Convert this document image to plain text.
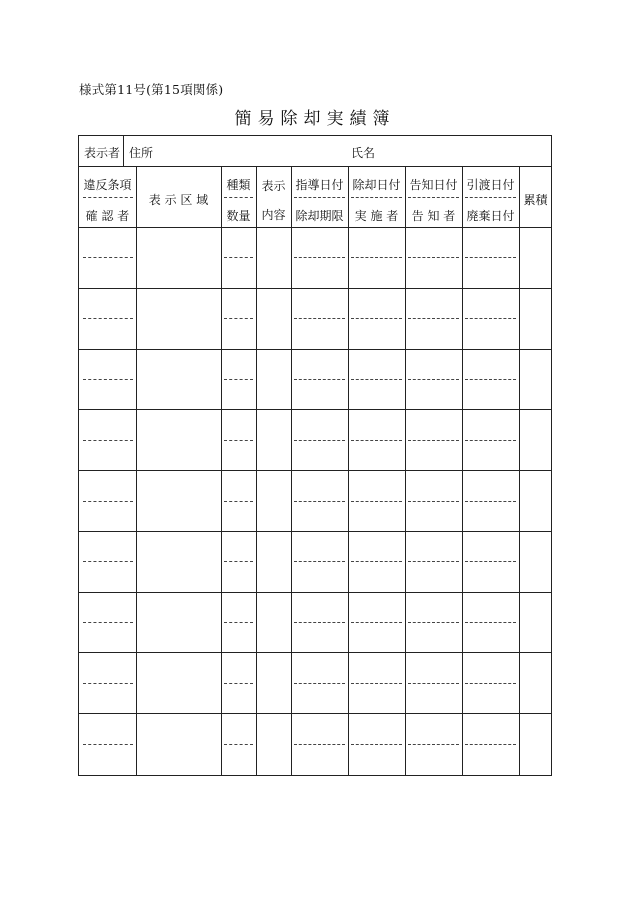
様式第11号(第15項関係)
簡易除却実績簿
表示者 住所	氏名
違反条項
確 認 者
表 示 区 域
種類
数量
表示
内容
指導日付
除却期限
除却日付
実 施 者
告知日付
告 知 者
引渡日付
廃棄日付
累積
